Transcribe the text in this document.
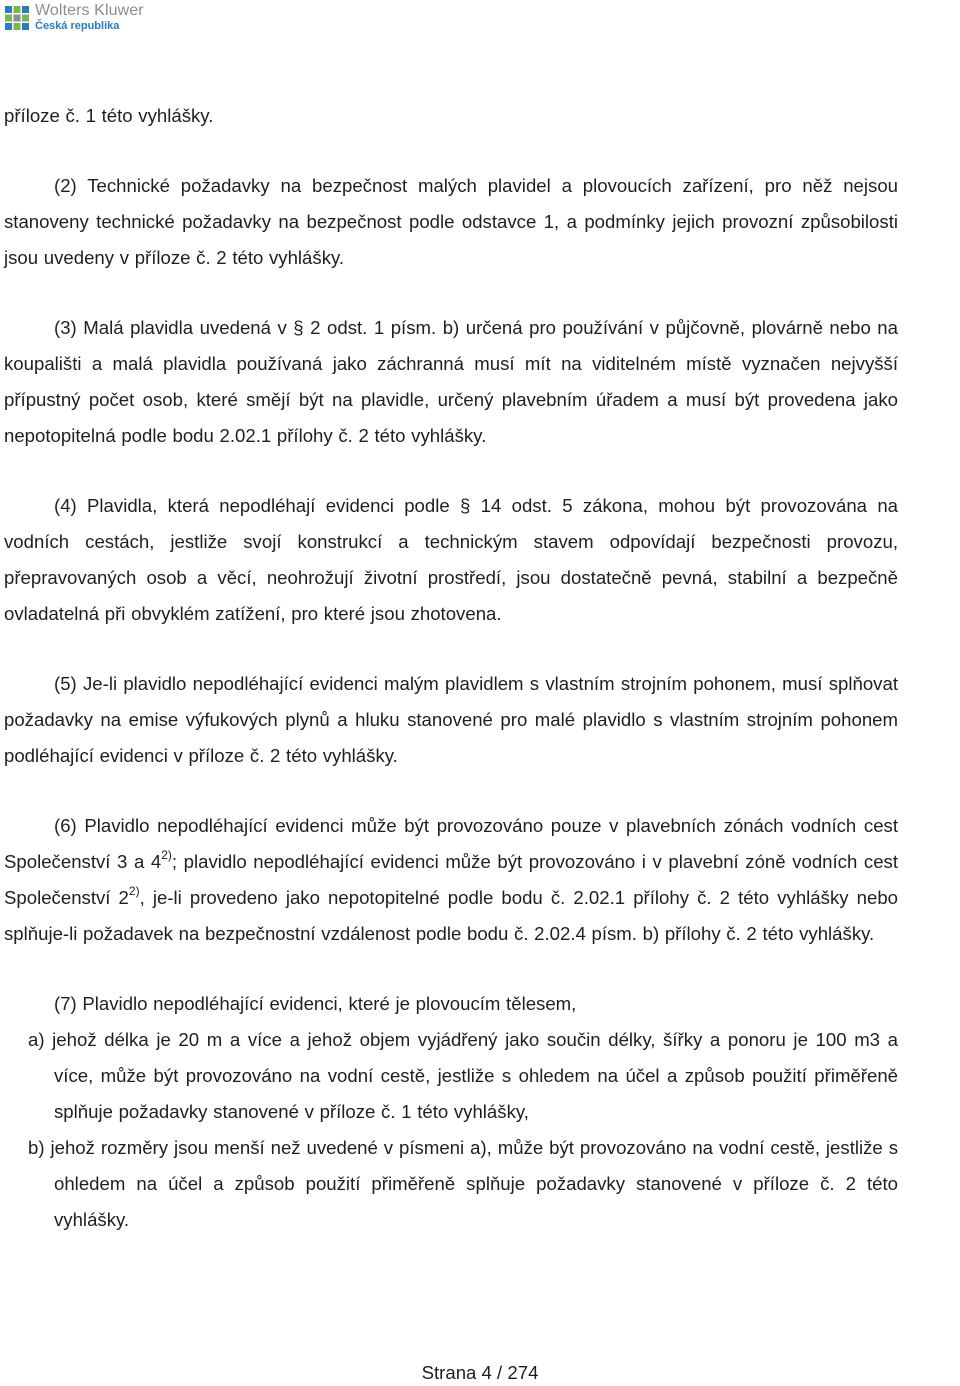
Wolters Kluwer
Česká republika

příloze č. 1 této vyhlášky.

(2) Technické požadavky na bezpečnost malých plavidel a plovoucích zařízení, pro něž nejsou stanoveny technické požadavky na bezpečnost podle odstavce 1, a podmínky jejich provozní způsobilosti jsou uvedeny v příloze č. 2 této vyhlášky.

(3) Malá plavidla uvedená v § 2 odst. 1 písm. b) určená pro používání v půjčovně, plovárně nebo na koupališti a malá plavidla používaná jako záchranná musí mít na viditelném místě vyznačen nejvyšší přípustný počet osob, které smějí být na plavidle, určený plavebním úřadem a musí být provedena jako nepotopitelná podle bodu 2.02.1 přílohy č. 2 této vyhlášky.

(4) Plavidla, která nepodléhají evidenci podle § 14 odst. 5 zákona, mohou být provozována na vodních cestách, jestliže svojí konstrukcí a technickým stavem odpovídají bezpečnosti provozu, přepravovaných osob a věcí, neohrožují životní prostředí, jsou dostatečně pevná, stabilní a bezpečně ovladatelná při obvyklém zatížení, pro které jsou zhotovena.

(5) Je-li plavidlo nepodléhající evidenci malým plavidlem s vlastním strojním pohonem, musí splňovat požadavky na emise výfukových plynů a hluku stanovené pro malé plavidlo s vlastním strojním pohonem podléhající evidenci v příloze č. 2 této vyhlášky.

(6) Plavidlo nepodléhající evidenci může být provozováno pouze v plavebních zónách vodních cest Společenství 3 a 4$^{2)}$; plavidlo nepodléhající evidenci může být provozováno i v plavební zóně vodních cest Společenství 2$^{2)}$, je-li provedeno jako nepotopitelné podle bodu č. 2.02.1 přílohy č. 2 této vyhlášky nebo splňuje-li požadavek na bezpečnostní vzdálenost podle bodu č. 2.02.4 písm. b) přílohy č. 2 této vyhlášky.

(7) Plavidlo nepodléhající evidenci, které je plovoucím tělesem,

a) jehož délka je 20 m a více a jehož objem vyjádřený jako součin délky, šířky a ponoru je 100 m3 a více, může být provozováno na vodní cestě, jestliže s ohledem na účel a způsob použití přiměřeně splňuje požadavky stanovené v příloze č. 1 této vyhlášky,

b) jehož rozměry jsou menší než uvedené v písmeni a), může být provozováno na vodní cestě, jestliže s ohledem na účel a způsob použití přiměřeně splňuje požadavky stanovené v příloze č. 2 této vyhlášky.

Strana 4 / 274
